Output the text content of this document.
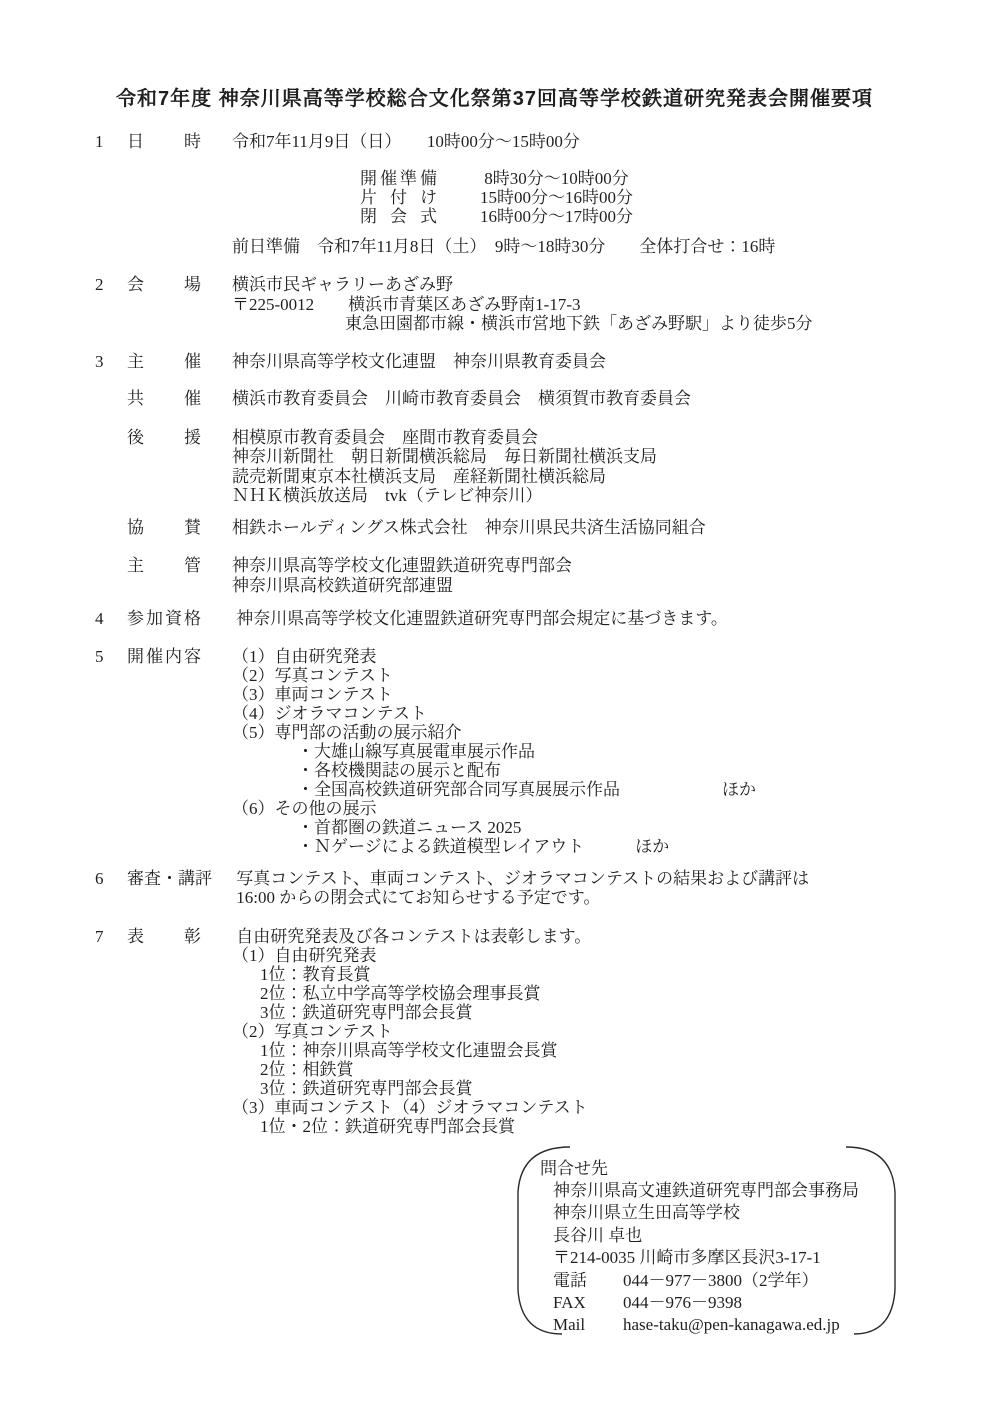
令和7年度 神奈川県高等学校総合文化祭第37回高等学校鉄道研究発表会開催要項
1	日時	令和7年11月9日（日）　　10時00分～15時00分
開催準備	8時30分～10時00分
片付け	15時00分～16時00分
閉会式	16時00分～17時00分
前日準備　令和7年11月8日（土）　9時～18時30分　　全体打合せ：16時
2	会場	横浜市民ギャラリーあざみ野
〒225-0012　　横浜市青葉区あざみ野南1-17-3
東急田園都市線・横浜市営地下鉄「あざみ野駅」より徒歩5分
3	主催	神奈川県高等学校文化連盟　神奈川県教育委員会
共催	横浜市教育委員会　川崎市教育委員会　横須賀市教育委員会
後援	相模原市教育委員会　座間市教育委員会
神奈川新聞社　朝日新聞横浜総局　毎日新聞社横浜支局
読売新聞東京本社横浜支局　産経新聞社横浜総局
ＮＨＫ横浜放送局　tvk（テレビ神奈川）
協賛	相鉄ホールディングス株式会社　神奈川県民共済生活協同組合
主管	神奈川県高等学校文化連盟鉄道研究専門部会
神奈川県高校鉄道研究部連盟
4	参加資格	神奈川県高等学校文化連盟鉄道研究専門部会規定に基づきます。
5	開催内容	（1）自由研究発表
（2）写真コンテスト
（3）車両コンテスト
（4）ジオラマコンテスト
（5）専門部の活動の展示紹介
・大雄山線写真展電車展示作品
・各校機関誌の展示と配布
・全国高校鉄道研究部合同写真展展示作品　　　　　　ほか
（6）その他の展示
・首都圏の鉄道ニュース 2025
・Ｎゲージによる鉄道模型レイアウト　　　ほか
6	審査・講評	写真コンテスト、車両コンテスト、ジオラマコンテストの結果および講評は
16:00 からの閉会式にてお知らせする予定です。
7	表彰	自由研究発表及び各コンテストは表彰します。
（1）自由研究発表
1位：教育長賞
2位：私立中学高等学校協会理事長賞
3位：鉄道研究専門部会長賞
（2）写真コンテスト
1位：神奈川県高等学校文化連盟会長賞
2位：相鉄賞
3位：鉄道研究専門部会長賞
（3）車両コンテスト（4）ジオラマコンテスト
1位・2位：鉄道研究専門部会長賞
問合せ先
神奈川県高文連鉄道研究専門部会事務局
神奈川県立生田高等学校
長谷川 卓也
〒214-0035 川崎市多摩区長沢3-17-1
電話	044－977－3800（2学年）
FAX	044－976－9398
Mail	hase-taku@pen-kanagawa.ed.jp
